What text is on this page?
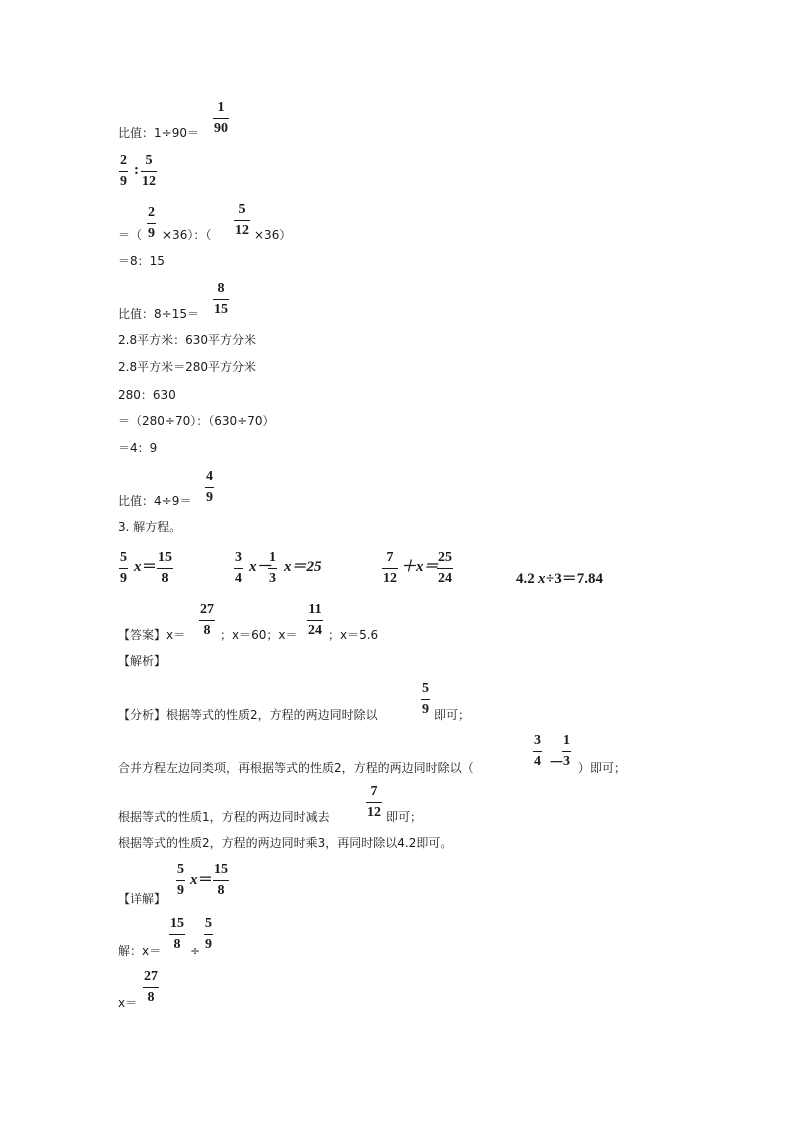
比值：1÷90＝
1
90
2
9
:
5
12
＝（
2
9 ×36）：（
5
12 ×36）
＝8：15
比值：8÷15＝
8
15
2.8平方米：630平方分米
2.8平方米＝280平方分米
280：630
＝（280÷70）：（630÷70）
＝4：9
比值：4÷9＝
4
9
3. 解方程。
5
9
x ＝
15
8
3
4
x－
1
3
x＝25
7
12
＋x＝
25
24	4.2 x ÷3＝7.84
【答案】x＝
27
8 ；x＝60；x＝
11
24 ；x＝5.6
【解析】
【分析】根据等式的性质2，方程的两边同时除以
5
9 即可；
合并方程左边同类项，再根据等式的性质2，方程的两边同时除以（
3
4 －
1
3 ）即可；
根据等式的性质1，方程的两边同时减去
7
12 即可；
根据等式的性质2，方程的两边同时乘3，再同时除以4.2即可。
【详解】
5
9
x ＝
15
8
解：x＝
15
8 ÷
5
9
x＝
27
8
